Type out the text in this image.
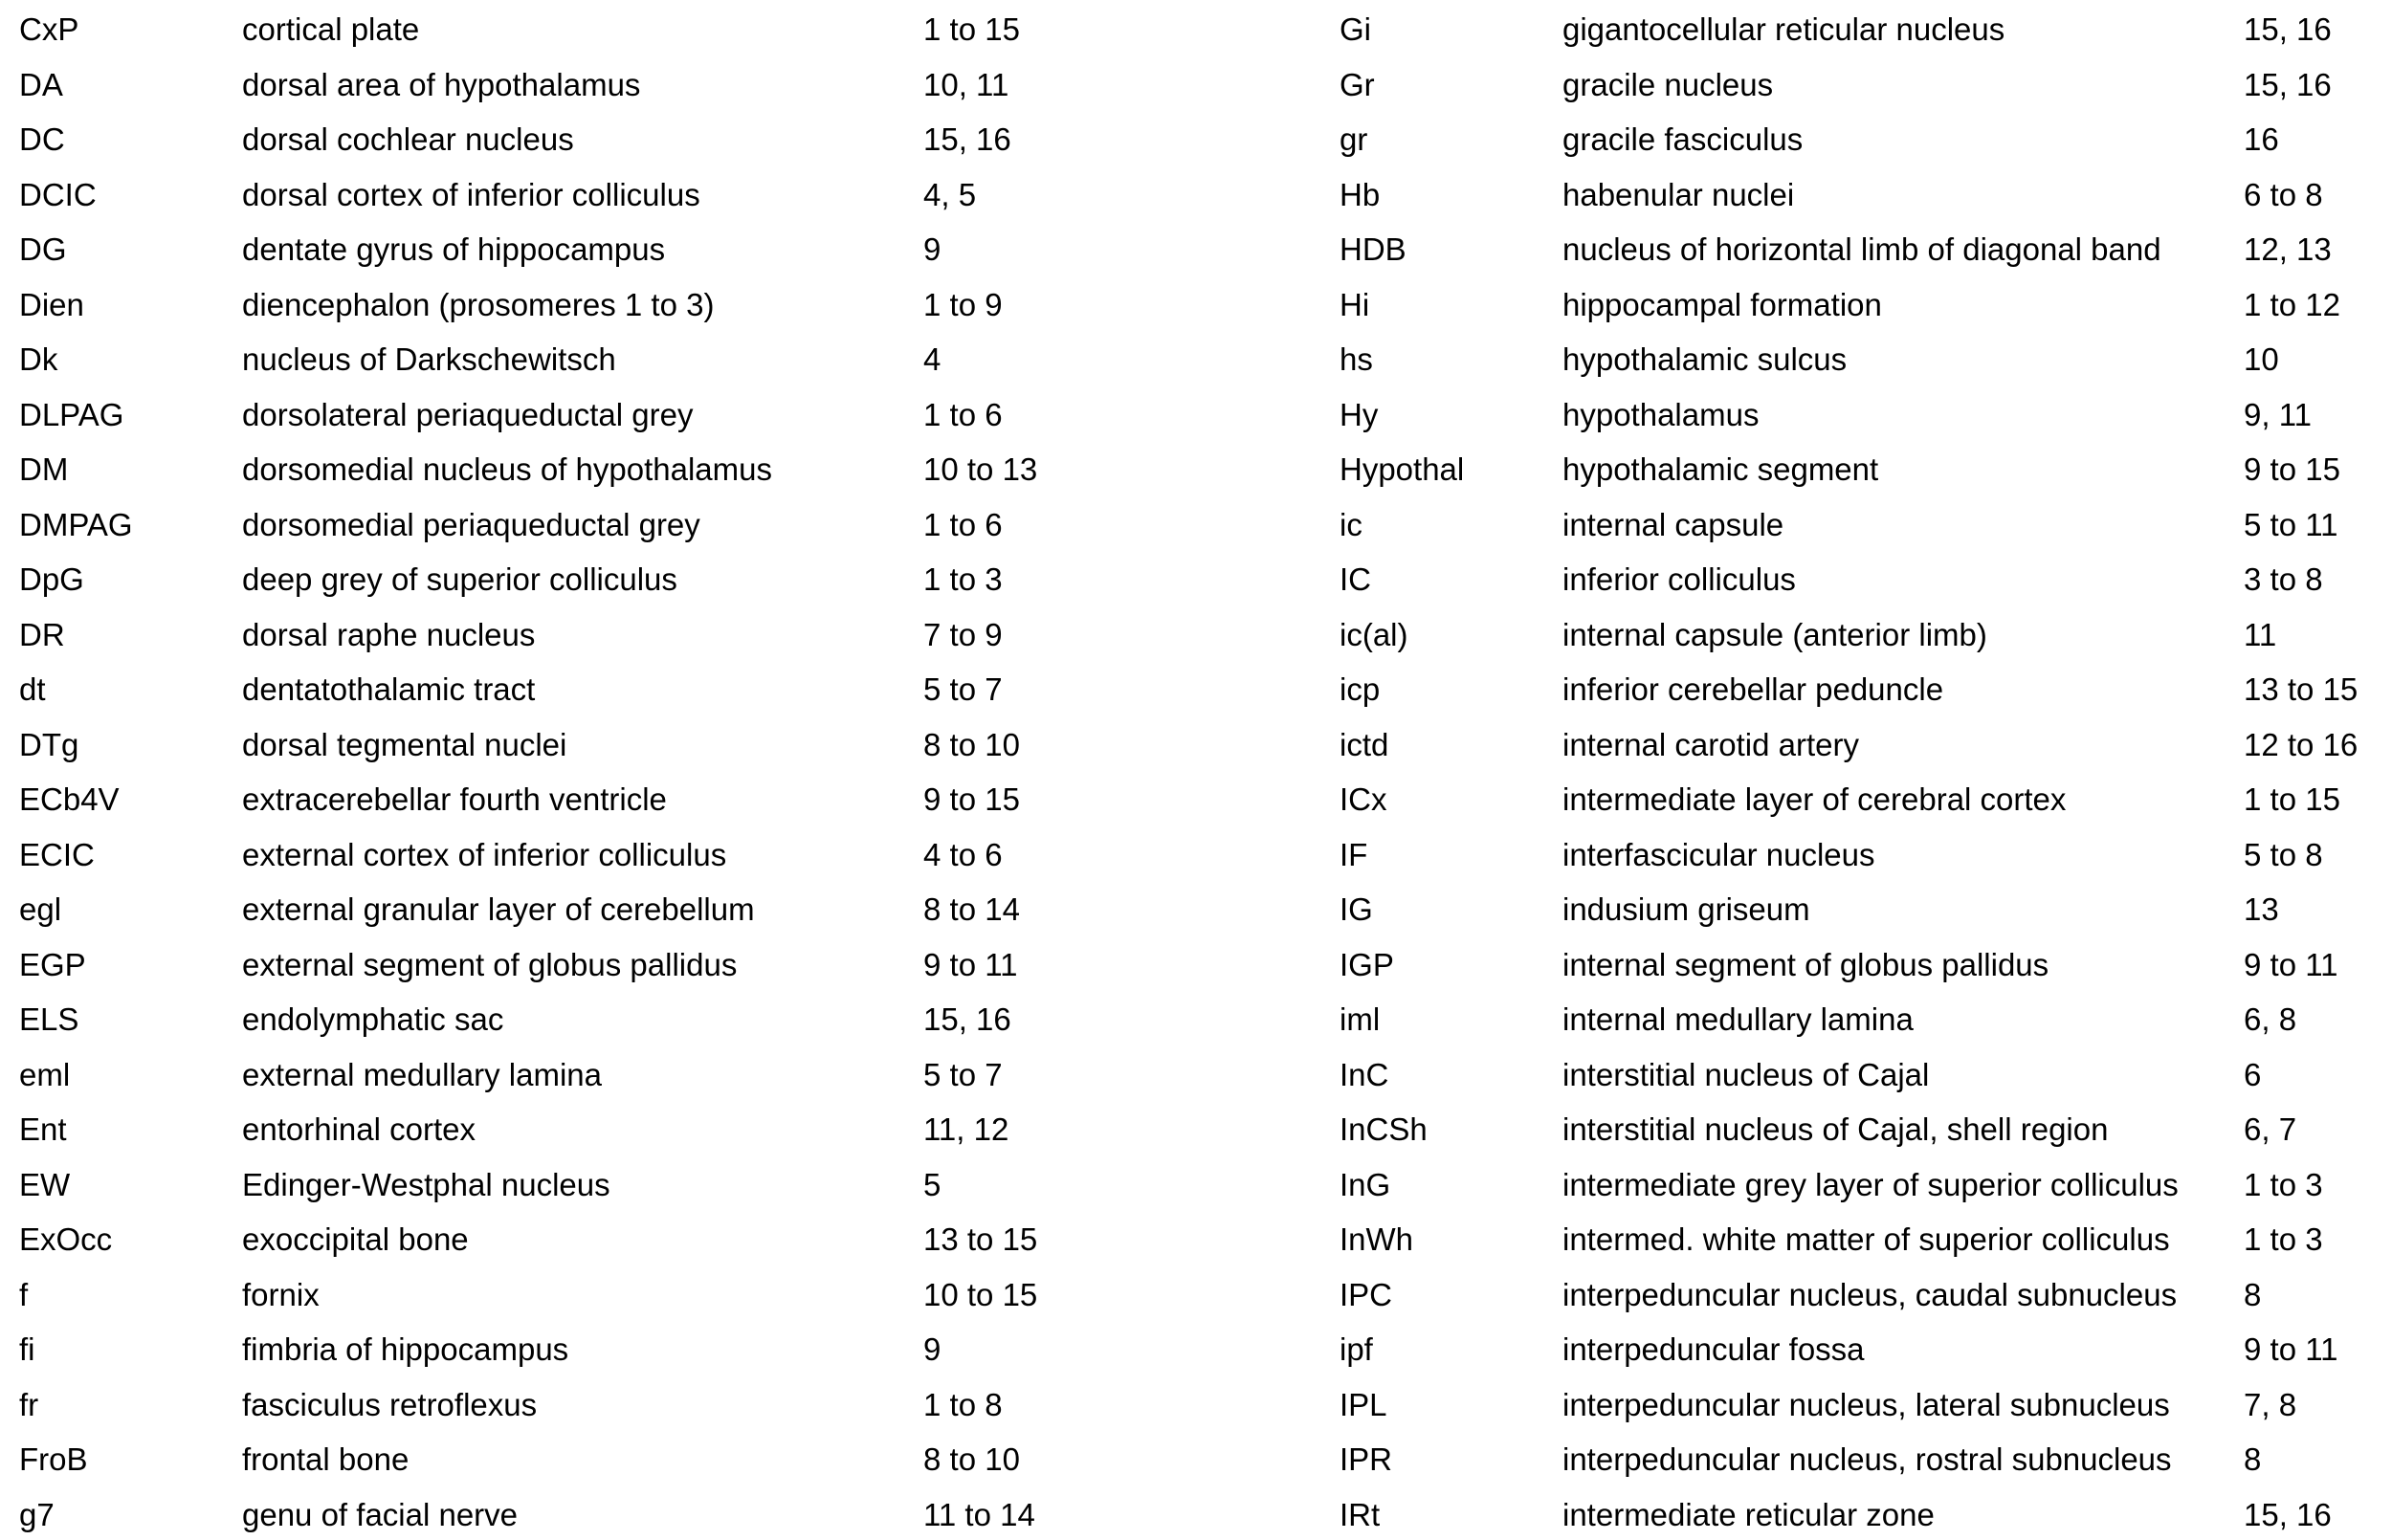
CxP	cortical plate	1 to 15
DA	dorsal area of hypothalamus	10, 11
DC	dorsal cochlear nucleus	15, 16
DCIC	dorsal cortex of inferior colliculus	4, 5
DG	dentate gyrus of hippocampus	9
Dien	diencephalon (prosomeres 1 to 3)	1 to 9
Dk	nucleus of Darkschewitsch	4
DLPAG	dorsolateral periaqueductal grey	1 to 6
DM	dorsomedial nucleus of hypothalamus	10 to 13
DMPAG	dorsomedial periaqueductal grey	1 to 6
DpG	deep grey of superior colliculus	1 to 3
DR	dorsal raphe nucleus	7 to 9
dt	dentatothalamic tract	5 to 7
DTg	dorsal tegmental nuclei	8 to 10
ECb4V	extracerebellar fourth ventricle	9 to 15
ECIC	external cortex of inferior colliculus	4 to 6
egl	external granular layer of cerebellum	8 to 14
EGP	external segment of globus pallidus	9 to 11
ELS	endolymphatic sac	15, 16
eml	external medullary lamina	5 to 7
Ent	entorhinal cortex	11, 12
EW	Edinger-Westphal nucleus	5
ExOcc	exoccipital bone	13 to 15
f	fornix	10 to 15
fi	fimbria of hippocampus	9
fr	fasciculus retroflexus	1 to 8
FroB	frontal bone	8 to 10
g7	genu of facial nerve	11 to 14
Gi	gigantocellular reticular nucleus	15, 16
Gr	gracile nucleus	15, 16
gr	gracile fasciculus	16
Hb	habenular nuclei	6 to 8
HDB	nucleus of horizontal limb of diagonal band	12, 13
Hi	hippocampal formation	1 to 12
hs	hypothalamic sulcus	10
Hy	hypothalamus	9, 11
Hypothal	hypothalamic segment	9 to 15
ic	internal capsule	5 to 11
IC	inferior colliculus	3 to 8
ic(al)	internal capsule (anterior limb)	11
icp	inferior cerebellar peduncle	13 to 15
ictd	internal carotid artery	12 to 16
ICx	intermediate layer of cerebral cortex	1 to 15
IF	interfascicular nucleus	5 to 8
IG	indusium griseum	13
IGP	internal segment of globus pallidus	9 to 11
iml	internal medullary lamina	6, 8
InC	interstitial nucleus of Cajal	6
InCSh	interstitial nucleus of Cajal, shell region	6, 7
InG	intermediate grey layer of superior colliculus 1 to 3
InWh	intermed. white matter of superior colliculus 1 to 3
IPC	interpeduncular nucleus, caudal subnucleus 8
ipf	interpeduncular fossa	9 to 11
IPL	interpeduncular nucleus, lateral subnucleus 7, 8
IPR	interpeduncular nucleus, rostral subnucleus 8
IRt	intermediate reticular zone	15, 16
